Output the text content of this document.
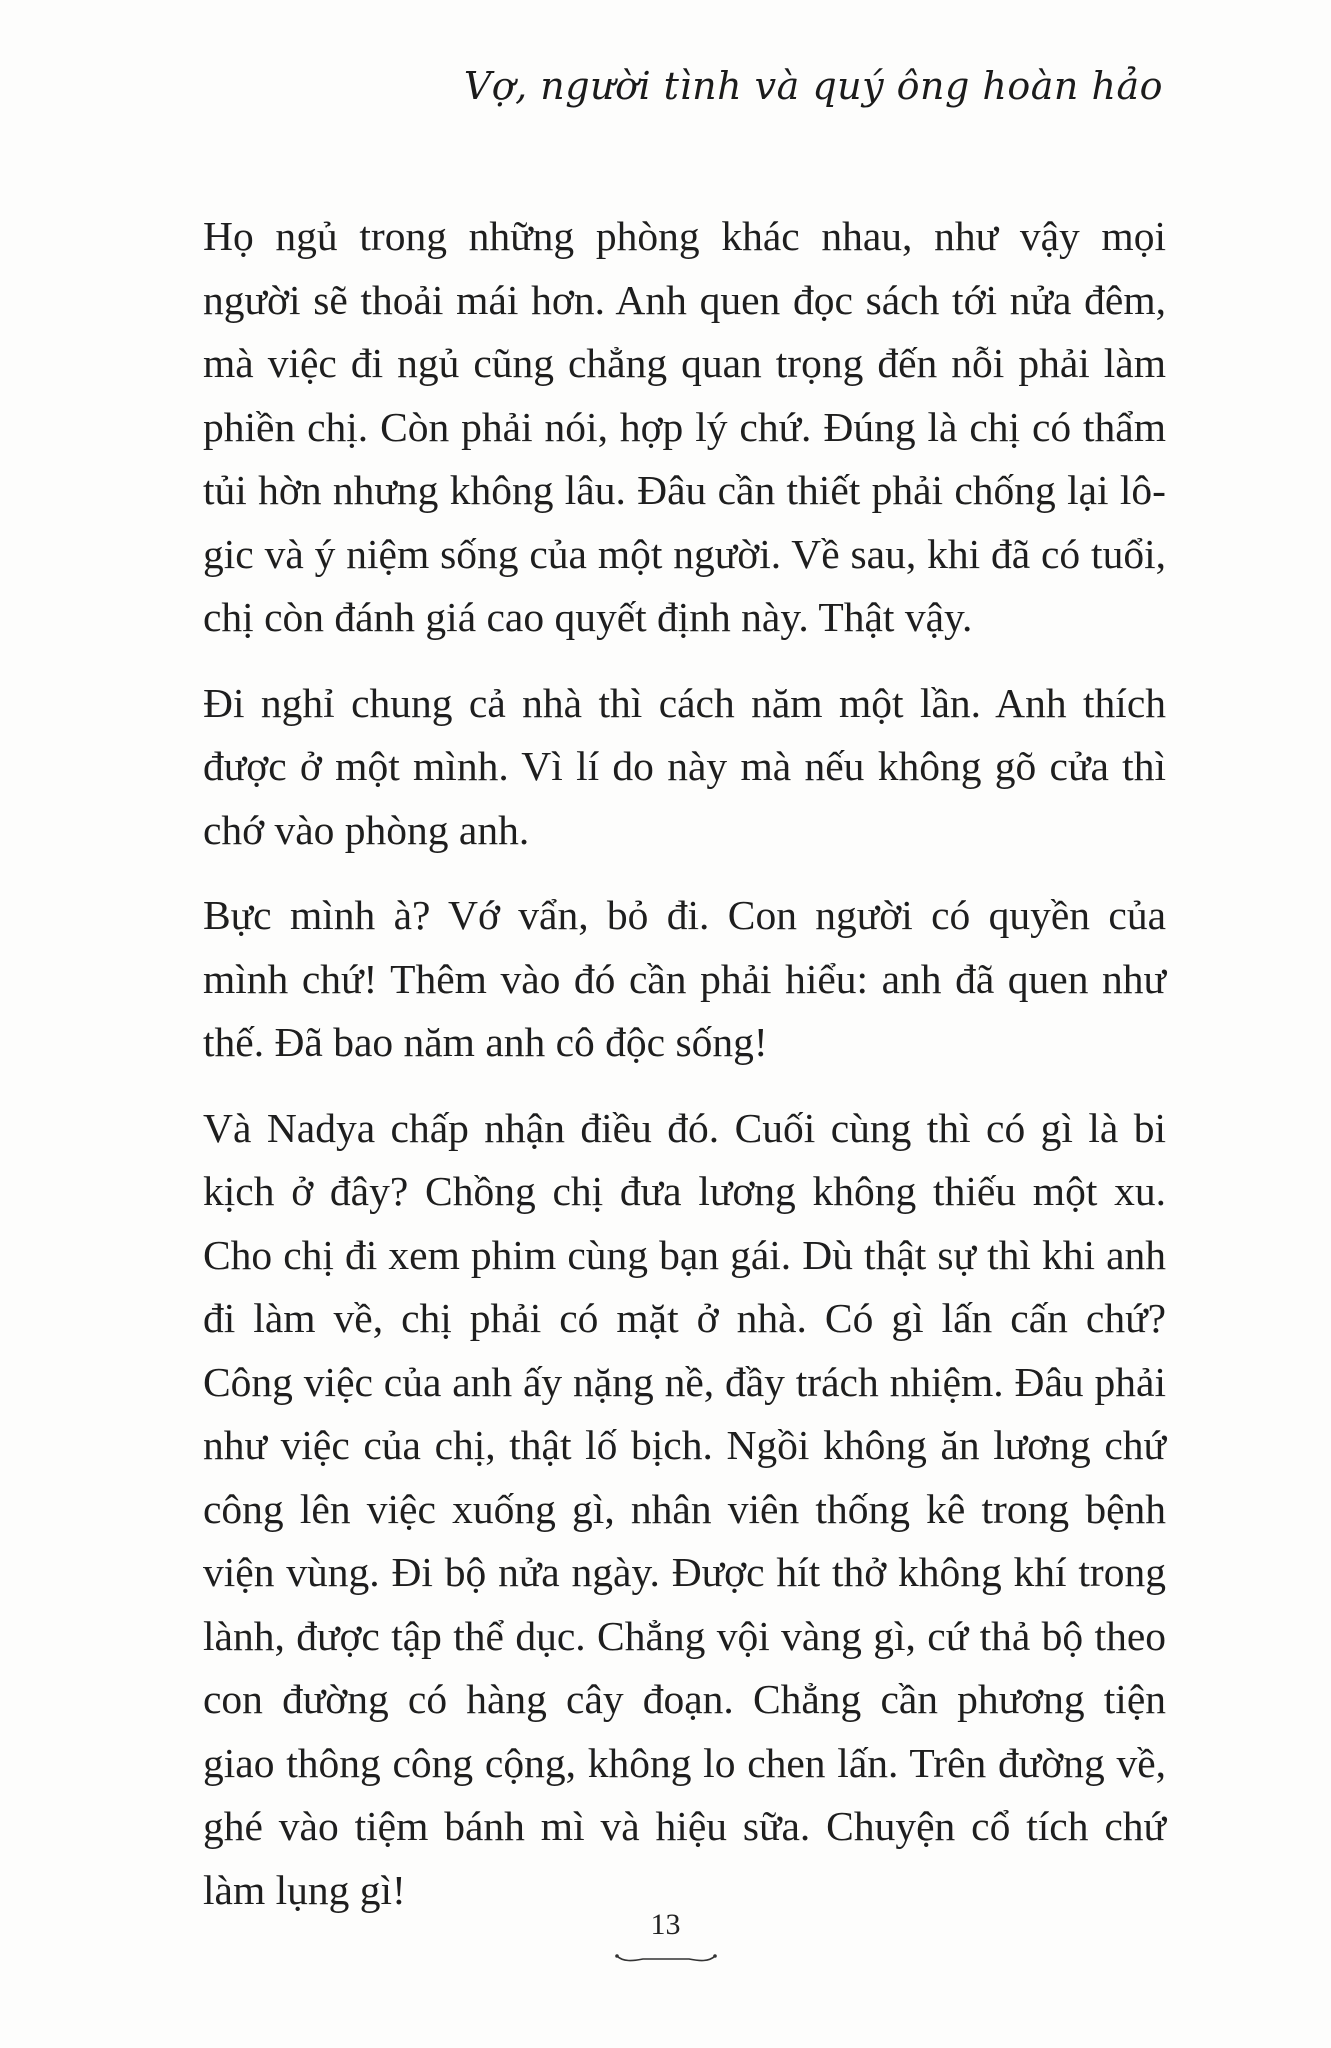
Vợ, người tình và quý ông hoàn hảo

Họ ngủ trong những phòng khác nhau, như vậy mọi người sẽ thoải mái hơn. Anh quen đọc sách tới nửa đêm, mà việc đi ngủ cũng chẳng quan trọng đến nỗi phải làm phiền chị. Còn phải nói, hợp lý chứ. Đúng là chị có thẩm tủi hờn nhưng không lâu. Đâu cần thiết phải chống lại lô-gic và ý niệm sống của một người. Về sau, khi đã có tuổi, chị còn đánh giá cao quyết định này. Thật vậy.

Đi nghỉ chung cả nhà thì cách năm một lần. Anh thích được ở một mình. Vì lí do này mà nếu không gõ cửa thì chớ vào phòng anh.

Bực mình à? Vớ vẩn, bỏ đi. Con người có quyền của mình chứ! Thêm vào đó cần phải hiểu: anh đã quen như thế. Đã bao năm anh cô độc sống!

Và Nadya chấp nhận điều đó. Cuối cùng thì có gì là bi kịch ở đây? Chồng chị đưa lương không thiếu một xu. Cho chị đi xem phim cùng bạn gái. Dù thật sự thì khi anh đi làm về, chị phải có mặt ở nhà. Có gì lấn cấn chứ? Công việc của anh ấy nặng nề, đầy trách nhiệm. Đâu phải như việc của chị, thật lố bịch. Ngồi không ăn lương chứ công lên việc xuống gì, nhân viên thống kê trong bệnh viện vùng. Đi bộ nửa ngày. Được hít thở không khí trong lành, được tập thể dục. Chẳng vội vàng gì, cứ thả bộ theo con đường có hàng cây đoạn. Chẳng cần phương tiện giao thông công cộng, không lo chen lấn. Trên đường về, ghé vào tiệm bánh mì và hiệu sữa. Chuyện cổ tích chứ làm lụng gì!

13
